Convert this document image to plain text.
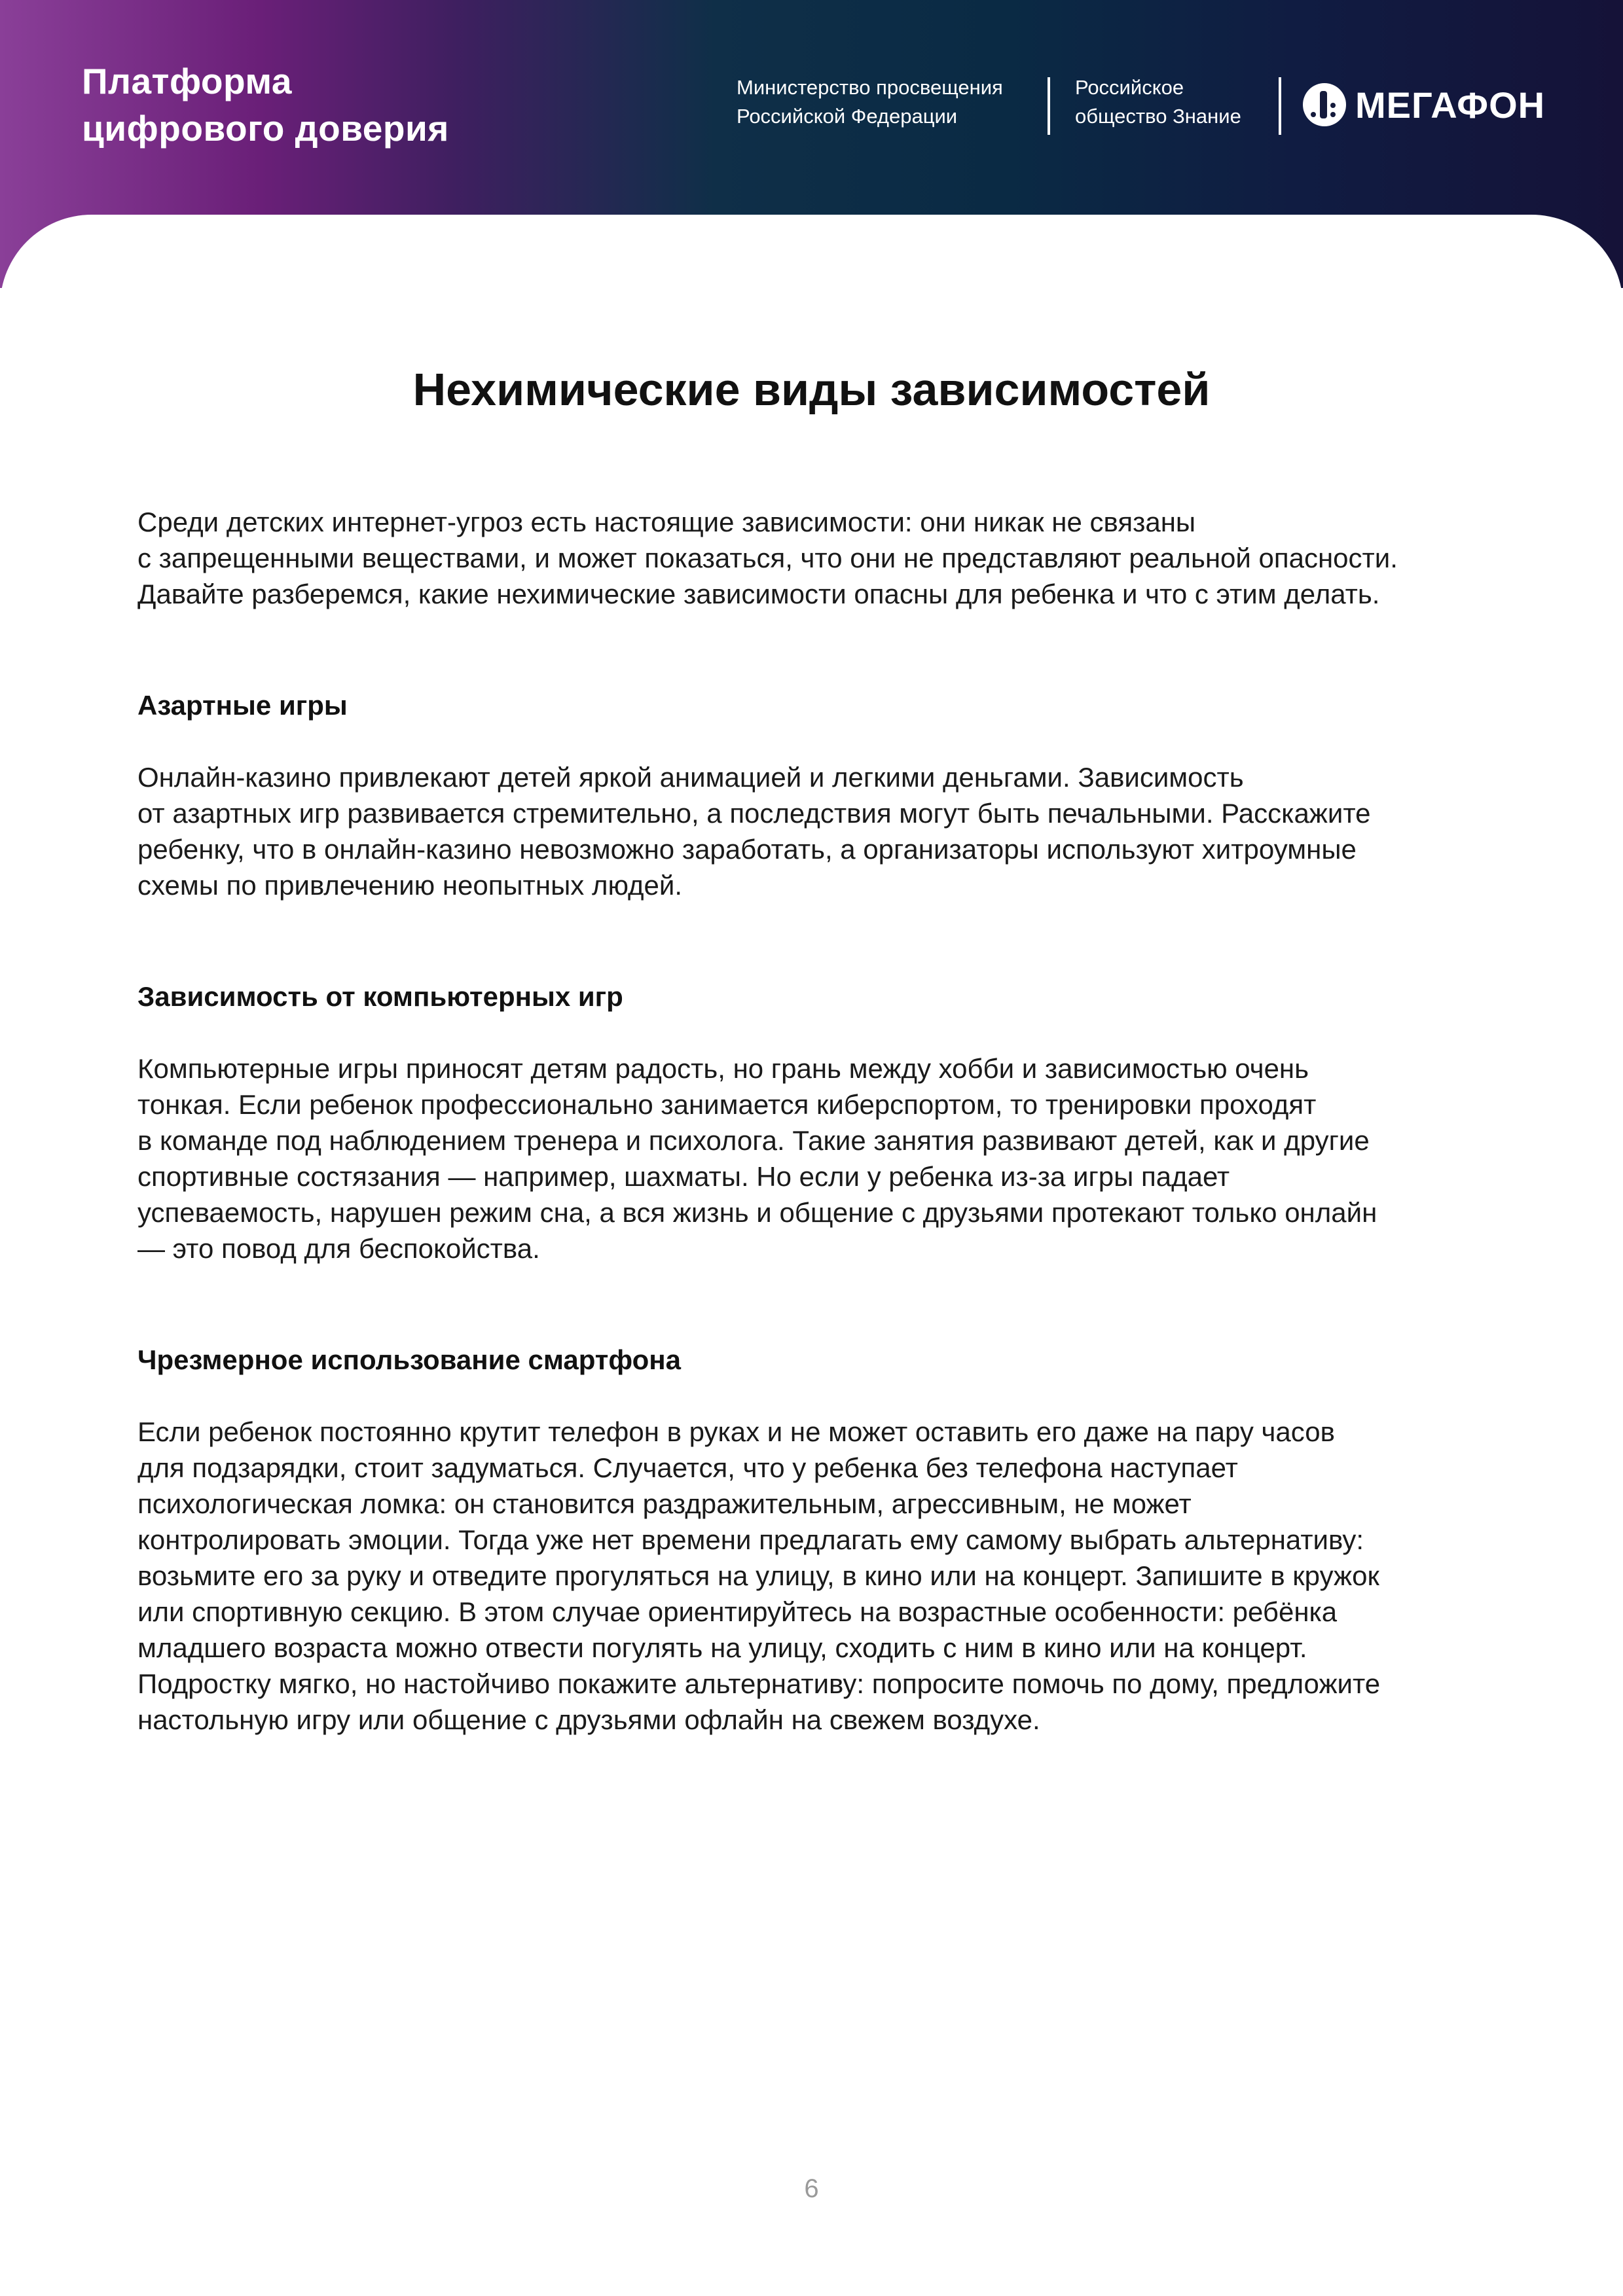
Платформа
цифрового доверия
Министерство просвещения
Российской Федерации
Российское
общество Знание	МЕГАФОН
Нехимические виды зависимостей
Среди детских интернет-угроз есть настоящие зависимости: они никак не связаны
с запрещенными веществами, и может показаться, что они не представляют реальной опасности.
Давайте разберемся, какие нехимические зависимости опасны для ребенка и что с этим делать.
Азартные игры
Онлайн-казино привлекают детей яркой анимацией и легкими деньгами. Зависимость
от азартных игр развивается стремительно, а последствия могут быть печальными. Расскажите
ребенку, что в онлайн-казино невозможно заработать, а организаторы используют хитроумные
схемы по привлечению неопытных людей.
Зависимость от компьютерных игр
Компьютерные игры приносят детям радость, но грань между хобби и зависимостью очень
тонкая. Если ребенок профессионально занимается киберспортом, то тренировки проходят
в команде под наблюдением тренера и психолога. Такие занятия развивают детей, как и другие
спортивные состязания — например, шахматы. Но если у ребенка из-за игры падает
успеваемость, нарушен режим сна, а вся жизнь и общение с друзьями протекают только онлайн
— это повод для беспокойства.
Чрезмерное использование смартфона
Если ребенок постоянно крутит телефон в руках и не может оставить его даже на пару часов
для подзарядки, стоит задуматься. Случается, что у ребенка без телефона наступает
психологическая ломка: он становится раздражительным, агрессивным, не может
контролировать эмоции. Тогда уже нет времени предлагать ему самому выбрать альтернативу:
возьмите его за руку и отведите прогуляться на улицу, в кино или на концерт. Запишите в кружок
или спортивную секцию. В этом случае ориентируйтесь на возрастные особенности: ребёнка
младшего возраста можно отвести погулять на улицу, сходить с ним в кино или на концерт.
Подростку мягко, но настойчиво покажите альтернативу: попросите помочь по дому, предложите
настольную игру или общение с друзьями офлайн на свежем воздухе.
6
